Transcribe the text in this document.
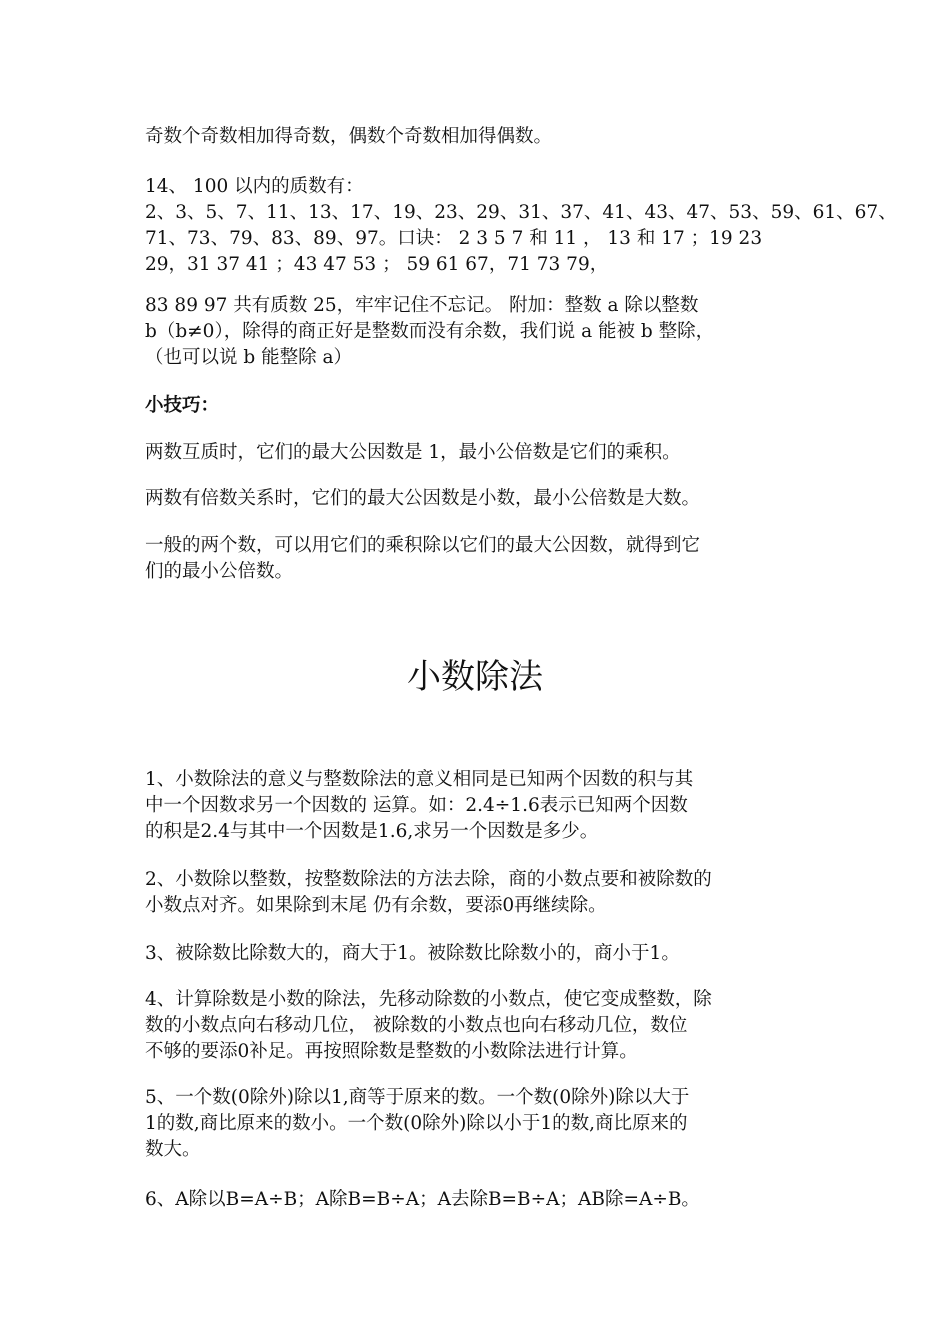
奇数个奇数相加得奇数，偶数个奇数相加得偶数。

14、 100 以内的质数有：
2、3、5、7、11、13、17、19、23、29、31、37、41、43、47、53、59、61、67、
71、73、79、83、89、97。口诀： 2 3 5 7 和 11 ， 13 和 17 ；19 23
29，31 37 41 ；43 47 53 ； 59 61 67，71 73 79，

83 89 97 共有质数 25，牢牢记住不忘记。 附加：整数 a 除以整数
b（b≠0），除得的商正好是整数而没有余数，我们说 a 能被 b 整除，
（也可以说 b 能整除 a）

小技巧：

两数互质时，它们的最大公因数是 1，最小公倍数是它们的乘积。

两数有倍数关系时，它们的最大公因数是小数，最小公倍数是大数。

一般的两个数，可以用它们的乘积除以它们的最大公因数，就得到它
们的最小公倍数。

小数除法

1、小数除法的意义与整数除法的意义相同是已知两个因数的积与其
中一个因数求另一个因数的 运算。如：2.4÷1.6表示已知两个因数
的积是2.4与其中一个因数是1.6,求另一个因数是多少。

2、小数除以整数，按整数除法的方法去除，商的小数点要和被除数的
小数点对齐。如果除到末尾 仍有余数，要添0再继续除。

3、被除数比除数大的，商大于1。被除数比除数小的，商小于1。

4、计算除数是小数的除法，先移动除数的小数点，使它变成整数，除
数的小数点向右移动几位， 被除数的小数点也向右移动几位，数位
不够的要添0补足。再按照除数是整数的小数除法进行计算。

5、一个数(0除外)除以1,商等于原来的数。一个数(0除外)除以大于
1的数,商比原来的数小。一个数(0除外)除以小于1的数,商比原来的
数大。

6、A除以B=A÷B；A除B=B÷A；A去除B=B÷A；AB除=A÷B。
